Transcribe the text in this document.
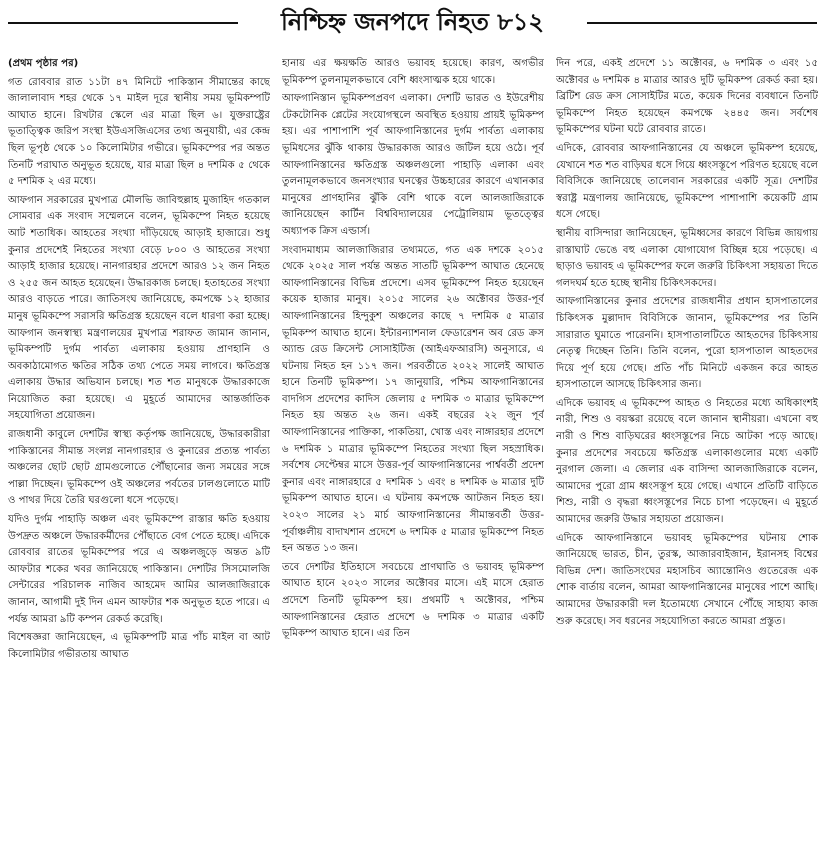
নিশ্চিহ্ন জনপদে নিহত ৮১২

(প্রথম পৃষ্ঠার পর)

গত রোববার রাত ১১টা ৪৭ মিনিটে পাকিস্তান সীমান্তের কাছে জালালাবাদ শহর থেকে ১৭ মাইল দূরে স্থানীয় সময় ভূমিকম্পটি আঘাত হানে। রিখটার স্কেলে এর মাত্রা ছিল ৬। যুক্তরাষ্ট্রের ভূতাত্ত্বিক জরিপ সংস্থা ইউএসজিএসের তথ্য অনুযায়ী, এর কেন্দ্র ছিল ভূপৃষ্ঠ থেকে ১০ কিলোমিটার গভীরে। ভূমিকম্পের পর অন্তত তিনটি পরাঘাত অনুভূত হয়েছে, যার মাত্রা ছিল ৪ দশমিক ৫ থেকে ৫ দশমিক ২ এর মধ্যে।

আফগান সরকারের মুখপাত্র মৌলভি জাবিহুল্লাহ মুজাহিদ গতকাল সোমবার এক সংবাদ সম্মেলনে বলেন, ভূমিকম্পে নিহত হয়েছে আট শতাধিক। আহতের সংখ্যা দাঁড়িয়েছে আড়াই হাজারে। শুধু কুনার প্রদেশেই নিহতের সংখ্যা বেড়ে ৮০০ ও আহতের সংখ্যা আড়াই হাজার হয়েছে। নানগারহার প্রদেশে আরও ১২ জন নিহত ও ২৫৫ জন আহত হয়েছেন। উদ্ধারকাজ চলছে। হতাহতের সংখ্যা আরও বাড়তে পারে। জাতিসংঘ জানিয়েছে, কমপক্ষে ১২ হাজার মানুষ ভূমিকম্পে সরাসরি ক্ষতিগ্রস্ত হয়েছেন বলে ধারণা করা হচ্ছে। আফগান জনস্বাস্থ্য মন্ত্রণালয়ের মুখপাত্র শরাফত জামান জানান, ভূমিকম্পটি দুর্গম পার্বত্য এলাকায় হওয়ায় প্রাণহানি ও অবকাঠামোগত ক্ষতির সঠিক তথ্য পেতে সময় লাগবে। ক্ষতিগ্রস্ত এলাকায় উদ্ধার অভিযান চলছে। শত শত মানুষকে উদ্ধারকাজে নিয়োজিত করা হয়েছে। এ মুহূর্তে আমাদের আন্তর্জাতিক সহযোগিতা প্রয়োজন।

রাজধানী কাবুলে দেশটির স্বাস্থ্য কর্তৃপক্ষ জানিয়েছে, উদ্ধারকারীরা পাকিস্তানের সীমান্ত সংলগ্ন নানগারহার ও কুনারের প্রত্যন্ত পার্বত্য অঞ্চলের ছোট ছোট গ্রামগুলোতে পৌঁছানোর জন্য সময়ের সঙ্গে পাল্লা দিচ্ছেন। ভূমিকম্পে ওই অঞ্চলের পর্বতের ঢালগুলোতে মাটি ও পাথর দিয়ে তৈরি ঘরগুলো ধসে পড়েছে।

যদিও দুর্গম পাহাড়ি অঞ্চল এবং ভূমিকম্পে রাস্তার ক্ষতি হওয়ায় উপদ্রুত অঞ্চলে উদ্ধারকর্মীদের পৌঁছাতে বেগ পেতে হচ্ছে। এদিকে রোববার রাতের ভূমিকম্পের পরে এ অঞ্চলজুড়ে অন্তত ৯টি আফটার শকের খবর জানিয়েছে পাকিস্তান। দেশটির সিসমোলজি সেন্টারের পরিচালক নাজিব আহমেদ আমির আলজাজিরাকে জানান, আগামী দুই দিন এমন আফটার শক অনুভূত হতে পারে। এ পর্যন্ত আমরা ৯টি কম্পন রেকর্ড করেছি।

বিশেষজ্ঞরা জানিয়েছেন, এ ভূমিকম্পটি মাত্র পাঁচ মাইল বা আট কিলোমিটার গভীরতায় আঘাত

হানায় এর ক্ষয়ক্ষতি আরও ভয়াবহ হয়েছে। কারণ, অগভীর ভূমিকম্প তুলনামূলকভাবে বেশি ধ্বংসাত্মক হয়ে থাকে।

আফগানিস্তান ভূমিকম্পপ্রবণ এলাকা। দেশটি ভারত ও ইউরেশীয় টেকটোনিক প্লেটের সংযোগস্থলে অবস্থিত হওয়ায় প্রায়ই ভূমিকম্প হয়। এর পাশাপাশি পূর্ব আফগানিস্তানের দুর্গম পার্বত্য এলাকায় ভূমিধসের ঝুঁকি থাকায় উদ্ধারকাজ আরও জটিল হয়ে ওঠে। পূর্ব আফগানিস্তানের ক্ষতিগ্রস্ত অঞ্চলগুলো পাহাড়ি এলাকা এবং তুলনামূলকভাবে জনসংখ্যার ঘনত্বের উচ্চহারের কারণে এখানকার মানুষের প্রাণহানির ঝুঁকি বেশি থাকে বলে আলজাজিরাকে জানিয়েছেন কার্টিন বিশ্ববিদ্যালয়ের পেট্রোলিয়াম ভূতত্ত্বের অধ্যাপক ক্রিস এল্ডার্স।

সংবাদমাধ্যম আলজাজিরার তথ্যমতে, গত এক দশকে ২০১৫ থেকে ২০২৫ সাল পর্যন্ত অন্তত সাতটি ভূমিকম্প আঘাত হেনেছে আফগানিস্তানের বিভিন্ন প্রদেশে। এসব ভূমিকম্পে নিহত হয়েছেন কয়েক হাজার মানুষ। ২০১৫ সালের ২৬ অক্টোবর উত্তর-পূর্ব আফগানিস্তানের হিন্দুকুশ অঞ্চলের কাছে ৭ দশমিক ৫ মাত্রার ভূমিকম্প আঘাত হানে। ইন্টারন্যাশনাল ফেডারেশন অব রেড ক্রস অ্যান্ড রেড ক্রিসেন্ট সোসাইটিজ (আইএফআরসি) অনুসারে, এ ঘটনায় নিহত হন ১১৭ জন। পরবর্তীতে ২০২২ সালেই আঘাত হানে তিনটি ভূমিকম্প। ১৭ জানুয়ারি, পশ্চিম আফগানিস্তানের বাদগিস প্রদেশের কাদিস জেলায় ৫ দশমিক ৩ মাত্রার ভূমিকম্পে নিহত হয় অন্তত ২৬ জন। একই বছরের ২২ জুন পূর্ব আফগানিস্তানের পাক্তিকা, পাকতিয়া, খোস্ত এবং নাঙ্গারহার প্রদেশে ৬ দশমিক ১ মাত্রার ভূমিকম্পে নিহতের সংখ্যা ছিল সহস্রাধিক। সর্বশেষ সেপ্টেম্বর মাসে উত্তর-পূর্ব আফগানিস্তানের পার্শ্ববর্তী প্রদেশ কুনার এবং নাঙ্গারহারে ৫ দশমিক ১ এবং ৪ দশমিক ৬ মাত্রার দুটি ভূমিকম্প আঘাত হানে। এ ঘটনায় কমপক্ষে আটজন নিহত হয়। ২০২৩ সালের ২১ মার্চ আফগানিস্তানের সীমান্তবর্তী উত্তর-পূর্বাঞ্চলীয় বাদাখশান প্রদেশে ৬ দশমিক ৫ মাত্রার ভূমিকম্পে নিহত হন অন্তত ১৩ জন।

তবে দেশটির ইতিহাসে সবচেয়ে প্রাণঘাতি ও ভয়াবহ ভূমিকম্প আঘাত হানে ২০২৩ সালের অক্টোবর মাসে। এই মাসে হেরাত প্রদেশে তিনটি ভূমিকম্প হয়। প্রথমটি ৭ অক্টোবর, পশ্চিম আফগানিস্তানের হেরাত প্রদেশে ৬ দশমিক ৩ মাত্রার একটি ভূমিকম্প আঘাত হানে। এর তিন

দিন পরে, একই প্রদেশে ১১ অক্টোবর, ৬ দশমিক ৩ এবং ১৫ অক্টোবর ৬ দশমিক ৪ মাত্রার আরও দুটি ভূমিকম্প রেকর্ড করা হয়। ব্রিটিশ রেড ক্রস সোসাইটির মতে, কয়েক দিনের ব্যবধানে তিনটি ভূমিকম্পে নিহত হয়েছেন কমপক্ষে ২৪৪৫ জন। সর্বশেষ ভূমিকম্পের ঘটনা ঘটে রোববার রাতে।

এদিকে, রোববার আফগানিস্তানের যে অঞ্চলে ভূমিকম্প হয়েছে, যেখানে শত শত বাড়িঘর ধসে গিয়ে ধ্বংসস্তূপে পরিণত হয়েছে বলে বিবিসিকে জানিয়েছে তালেবান সরকারের একটি সূত্র। দেশটির স্বরাষ্ট্র মন্ত্রণালয় জানিয়েছে, ভূমিকম্পে পাশাপাশি কয়েকটি গ্রাম ধসে গেছে।

স্থানীয় বাসিন্দারা জানিয়েছেন, ভূমিধ্বসের কারণে বিভিন্ন জায়গায় রাস্তাঘাট ভেঙে বহু এলাকা যোগাযোগ বিচ্ছিন্ন হয়ে পড়েছে। এ ছাড়াও ভয়াবহ এ ভূমিকম্পের ফলে জরুরি চিকিৎসা সহায়তা দিতে গলদঘর্ম হতে হচ্ছে স্থানীয় চিকিৎসকদের।

আফগানিস্তানের কুনার প্রদেশের রাজধানীর প্রধান হাসপাতালের চিকিৎসক মুল্লাদাদ বিবিসিকে জানান, ভূমিকম্পের পর তিনি সারারাত ঘুমাতে পারেননি। হাসপাতালটিতে আহতদের চিকিৎসায় নেতৃত্ব দিচ্ছেন তিনি। তিনি বলেন, পুরো হাসপাতাল আহতদের দিয়ে পূর্ণ হয়ে গেছে। প্রতি পাঁচ মিনিটে একজন করে আহত হাসপাতালে আসছে চিকিৎসার জন্য।

এদিকে ভয়াবহ এ ভূমিকম্পে আহত ও নিহতের মধ্যে অধিকাংশই নারী, শিশু ও বয়স্করা রয়েছে বলে জানান স্থানীয়রা। এখনো বহু নারী ও শিশু বাড়িঘরের ধ্বংসস্তূপের নিচে আটকা পড়ে আছে। কুনার প্রদেশের সবচেয়ে ক্ষতিগ্রস্ত এলাকাগুলোর মধ্যে একটি নুরগাল জেলা। এ জেলার এক বাসিন্দা আলজাজিরাকে বলেন, আমাদের পুরো গ্রাম ধ্বংসস্তূপ হয়ে গেছে। এখানে প্রতিটি বাড়িতে শিশু, নারী ও বৃদ্ধরা ধ্বংসস্তূপের নিচে চাপা পড়েছেন। এ মুহূর্তে আমাদের জরুরি উদ্ধার সহায়তা প্রয়োজন।

এদিকে আফগানিস্তানে ভয়াবহ ভূমিকম্পের ঘটনায় শোক জানিয়েছে ভারত, চীন, তুরস্ক, আজারবাইজান, ইরানসহ বিশ্বের বিভিন্ন দেশ। জাতিসংঘের মহাসচিব অ্যান্তোনিও গুতেরেজ এক শোক বার্তায় বলেন, আমরা আফগানিস্তানের মানুষের পাশে আছি। আমাদের উদ্ধারকারী দল ইতোমধ্যে সেখানে পৌঁছে সাহায্য কাজ শুরু করেছে। সব ধরনের সহযোগিতা করতে আমরা প্রস্তুত।
